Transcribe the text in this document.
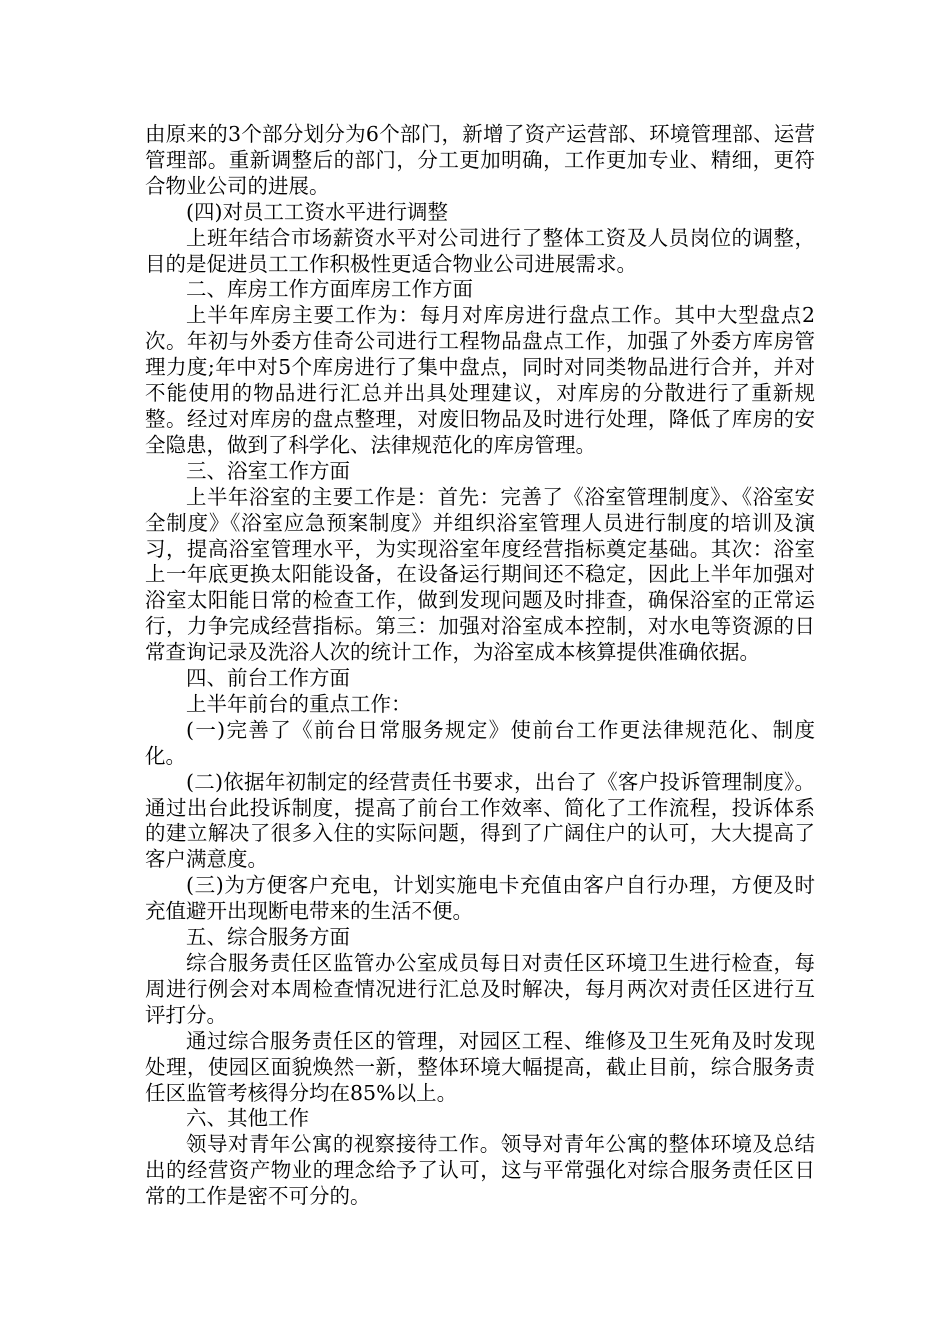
由原来的3个部分划分为6个部门，新增了资产运营部、环境管理部、运营管理部。重新调整后的部门，分工更加明确，工作更加专业、精细，更符合物业公司的进展。

(四)对员工工资水平进行调整

上班年结合市场薪资水平对公司进行了整体工资及人员岗位的调整，目的是促进员工工作积极性更适合物业公司进展需求。

二、库房工作方面库房工作方面

上半年库房主要工作为：每月对库房进行盘点工作。其中大型盘点2次。年初与外委方佳奇公司进行工程物品盘点工作，加强了外委方库房管理力度;年中对5个库房进行了集中盘点，同时对同类物品进行合并，并对不能使用的物品进行汇总并出具处理建议，对库房的分散进行了重新规整。经过对库房的盘点整理，对废旧物品及时进行处理，降低了库房的安全隐患，做到了科学化、法律规范化的库房管理。

三、浴室工作方面

上半年浴室的主要工作是：首先：完善了《浴室管理制度》、《浴室安全制度》《浴室应急预案制度》并组织浴室管理人员进行制度的培训及演习，提高浴室管理水平，为实现浴室年度经营指标奠定基础。其次：浴室上一年底更换太阳能设备，在设备运行期间还不稳定，因此上半年加强对浴室太阳能日常的检查工作，做到发现问题及时排查，确保浴室的正常运行，力争完成经营指标。第三：加强对浴室成本控制，对水电等资源的日常查询记录及洗浴人次的统计工作，为浴室成本核算提供准确依据。

四、前台工作方面

上半年前台的重点工作：

(一)完善了《前台日常服务规定》使前台工作更法律规范化、制度化。

(二)依据年初制定的经营责任书要求，出台了《客户投诉管理制度》。通过出台此投诉制度，提高了前台工作效率、简化了工作流程，投诉体系的建立解决了很多入住的实际问题，得到了广阔住户的认可，大大提高了客户满意度。

(三)为方便客户充电，计划实施电卡充值由客户自行办理，方便及时充值避开出现断电带来的生活不便。

五、综合服务方面

综合服务责任区监管办公室成员每日对责任区环境卫生进行检查，每周进行例会对本周检查情况进行汇总及时解决，每月两次对责任区进行互评打分。

通过综合服务责任区的管理，对园区工程、维修及卫生死角及时发现处理，使园区面貌焕然一新，整体环境大幅提高，截止目前，综合服务责任区监管考核得分均在85%以上。

六、其他工作

领导对青年公寓的视察接待工作。领导对青年公寓的整体环境及总结出的经营资产物业的理念给予了认可，这与平常强化对综合服务责任区日常的工作是密不可分的。
